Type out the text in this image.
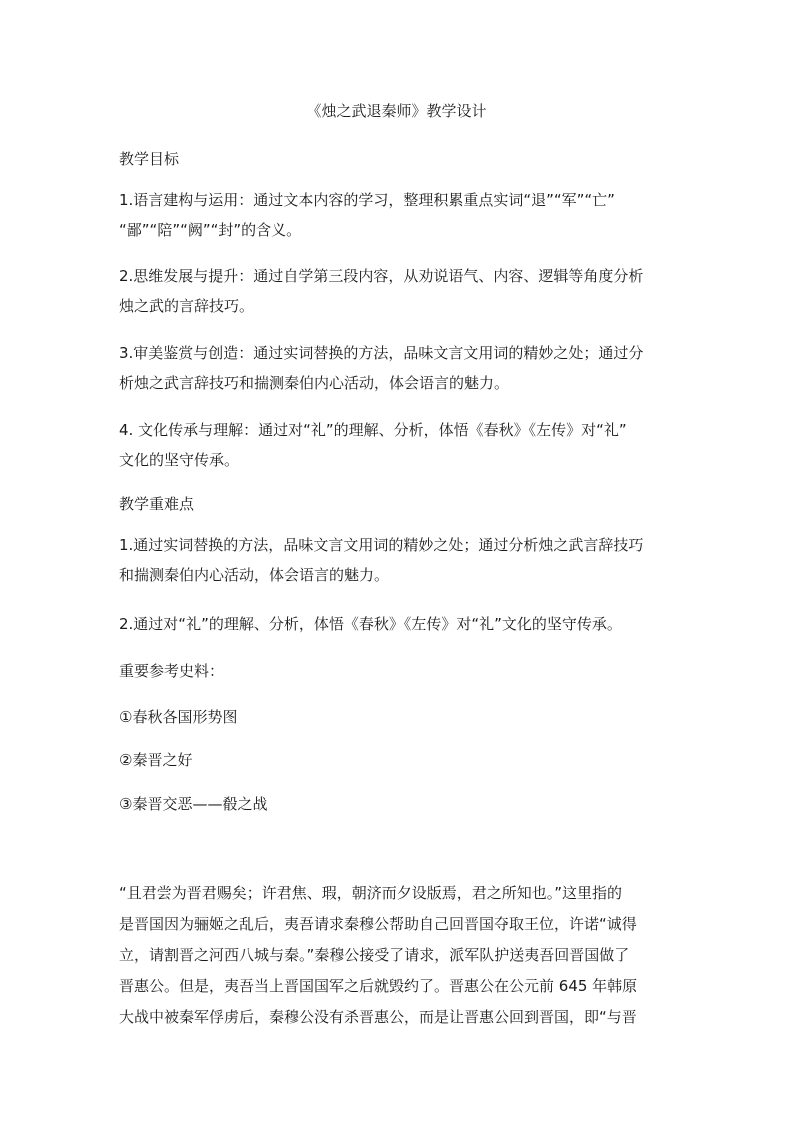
《烛之武退秦师》教学设计
教学目标
1.语言建构与运用：通过文本内容的学习，整理积累重点实词“退”“军”“亡”
“鄙”“陪”“阙”“封”的含义。
2.思维发展与提升：通过自学第三段内容，从劝说语气、内容、逻辑等角度分析
烛之武的言辞技巧。
3.审美鉴赏与创造：通过实词替换的方法，品味文言文用词的精妙之处；通过分
析烛之武言辞技巧和揣测秦伯内心活动，体会语言的魅力。
4. 文化传承与理解：通过对“礼”的理解、分析，体悟《春秋》《左传》对“礼”
文化的坚守传承。
教学重难点
1.通过实词替换的方法，品味文言文用词的精妙之处；通过分析烛之武言辞技巧
和揣测秦伯内心活动，体会语言的魅力。
2.通过对“礼”的理解、分析，体悟《春秋》《左传》对“礼”文化的坚守传承。
重要参考史料：
①春秋各国形势图
②秦晋之好
③秦晋交恶——殽之战
“且君尝为晋君赐矣；许君焦、瑕，朝济而夕设版焉，君之所知也。”这里指的
是晋国因为骊姬之乱后，夷吾请求秦穆公帮助自己回晋国夺取王位，许诺“诚得
立，请割晋之河西八城与秦。”秦穆公接受了请求，派军队护送夷吾回晋国做了
晋惠公。但是，夷吾当上晋国国军之后就毁约了。晋惠公在公元前 645 年韩原
大战中被秦军俘虏后，秦穆公没有杀晋惠公，而是让晋惠公回到晋国，即“与晋
